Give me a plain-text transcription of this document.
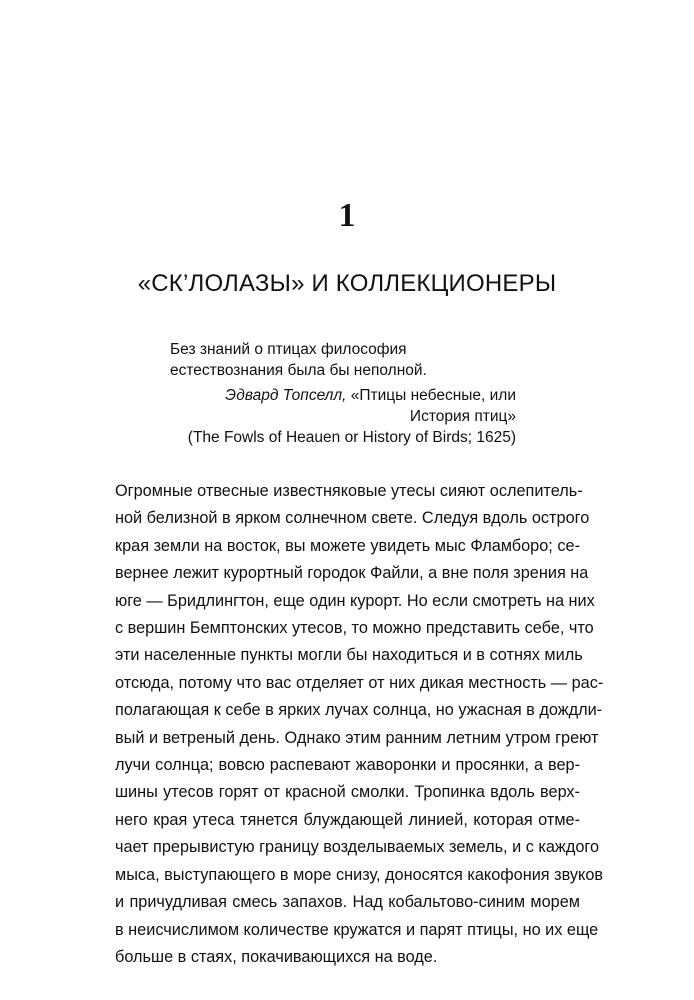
1
«СК’ЛОЛАЗЫ» И КОЛЛЕКЦИОНЕРЫ

Без знаний о птицах философия естествознания была бы неполной.

Эдвард Топселл, «Птицы небесные, или История птиц»
(The Fowls of Heauen or History of Birds; 1625)
Огромные отвесные известняковые утесы сияют ослепитель-
ной белизной в ярком солнечном свете. Следуя вдоль острого
края земли на восток, вы можете увидеть мыс Фламборо; се-
вернее лежит курортный городок Файли, а вне поля зрения на
юге — Бридлингтон, еще один курорт. Но если смотреть на них
с вершин Бемптонских утесов, то можно представить себе, что
эти населенные пункты могли бы находиться и в сотнях миль
отсюда, потому что вас отделяет от них дикая местность — рас-
полагающая к себе в ярких лучах солнца, но ужасная в дождли-
вый и ветреный день. Однако этим ранним летним утром греют
лучи солнца; вовсю распевают жаворонки и просянки, а вер-
шины утесов горят от красной смолки. Тропинка вдоль верх-
него края утеса тянется блуждающей линией, которая отме-
чает прерывистую границу возделываемых земель, и с каждого
мыса, выступающего в море снизу, доносятся какофония звуков
и причудливая смесь запахов. Над кобальтово-синим морем
в неисчислимом количестве кружатся и парят птицы, но их еще
больше в стаях, покачивающихся на воде.
